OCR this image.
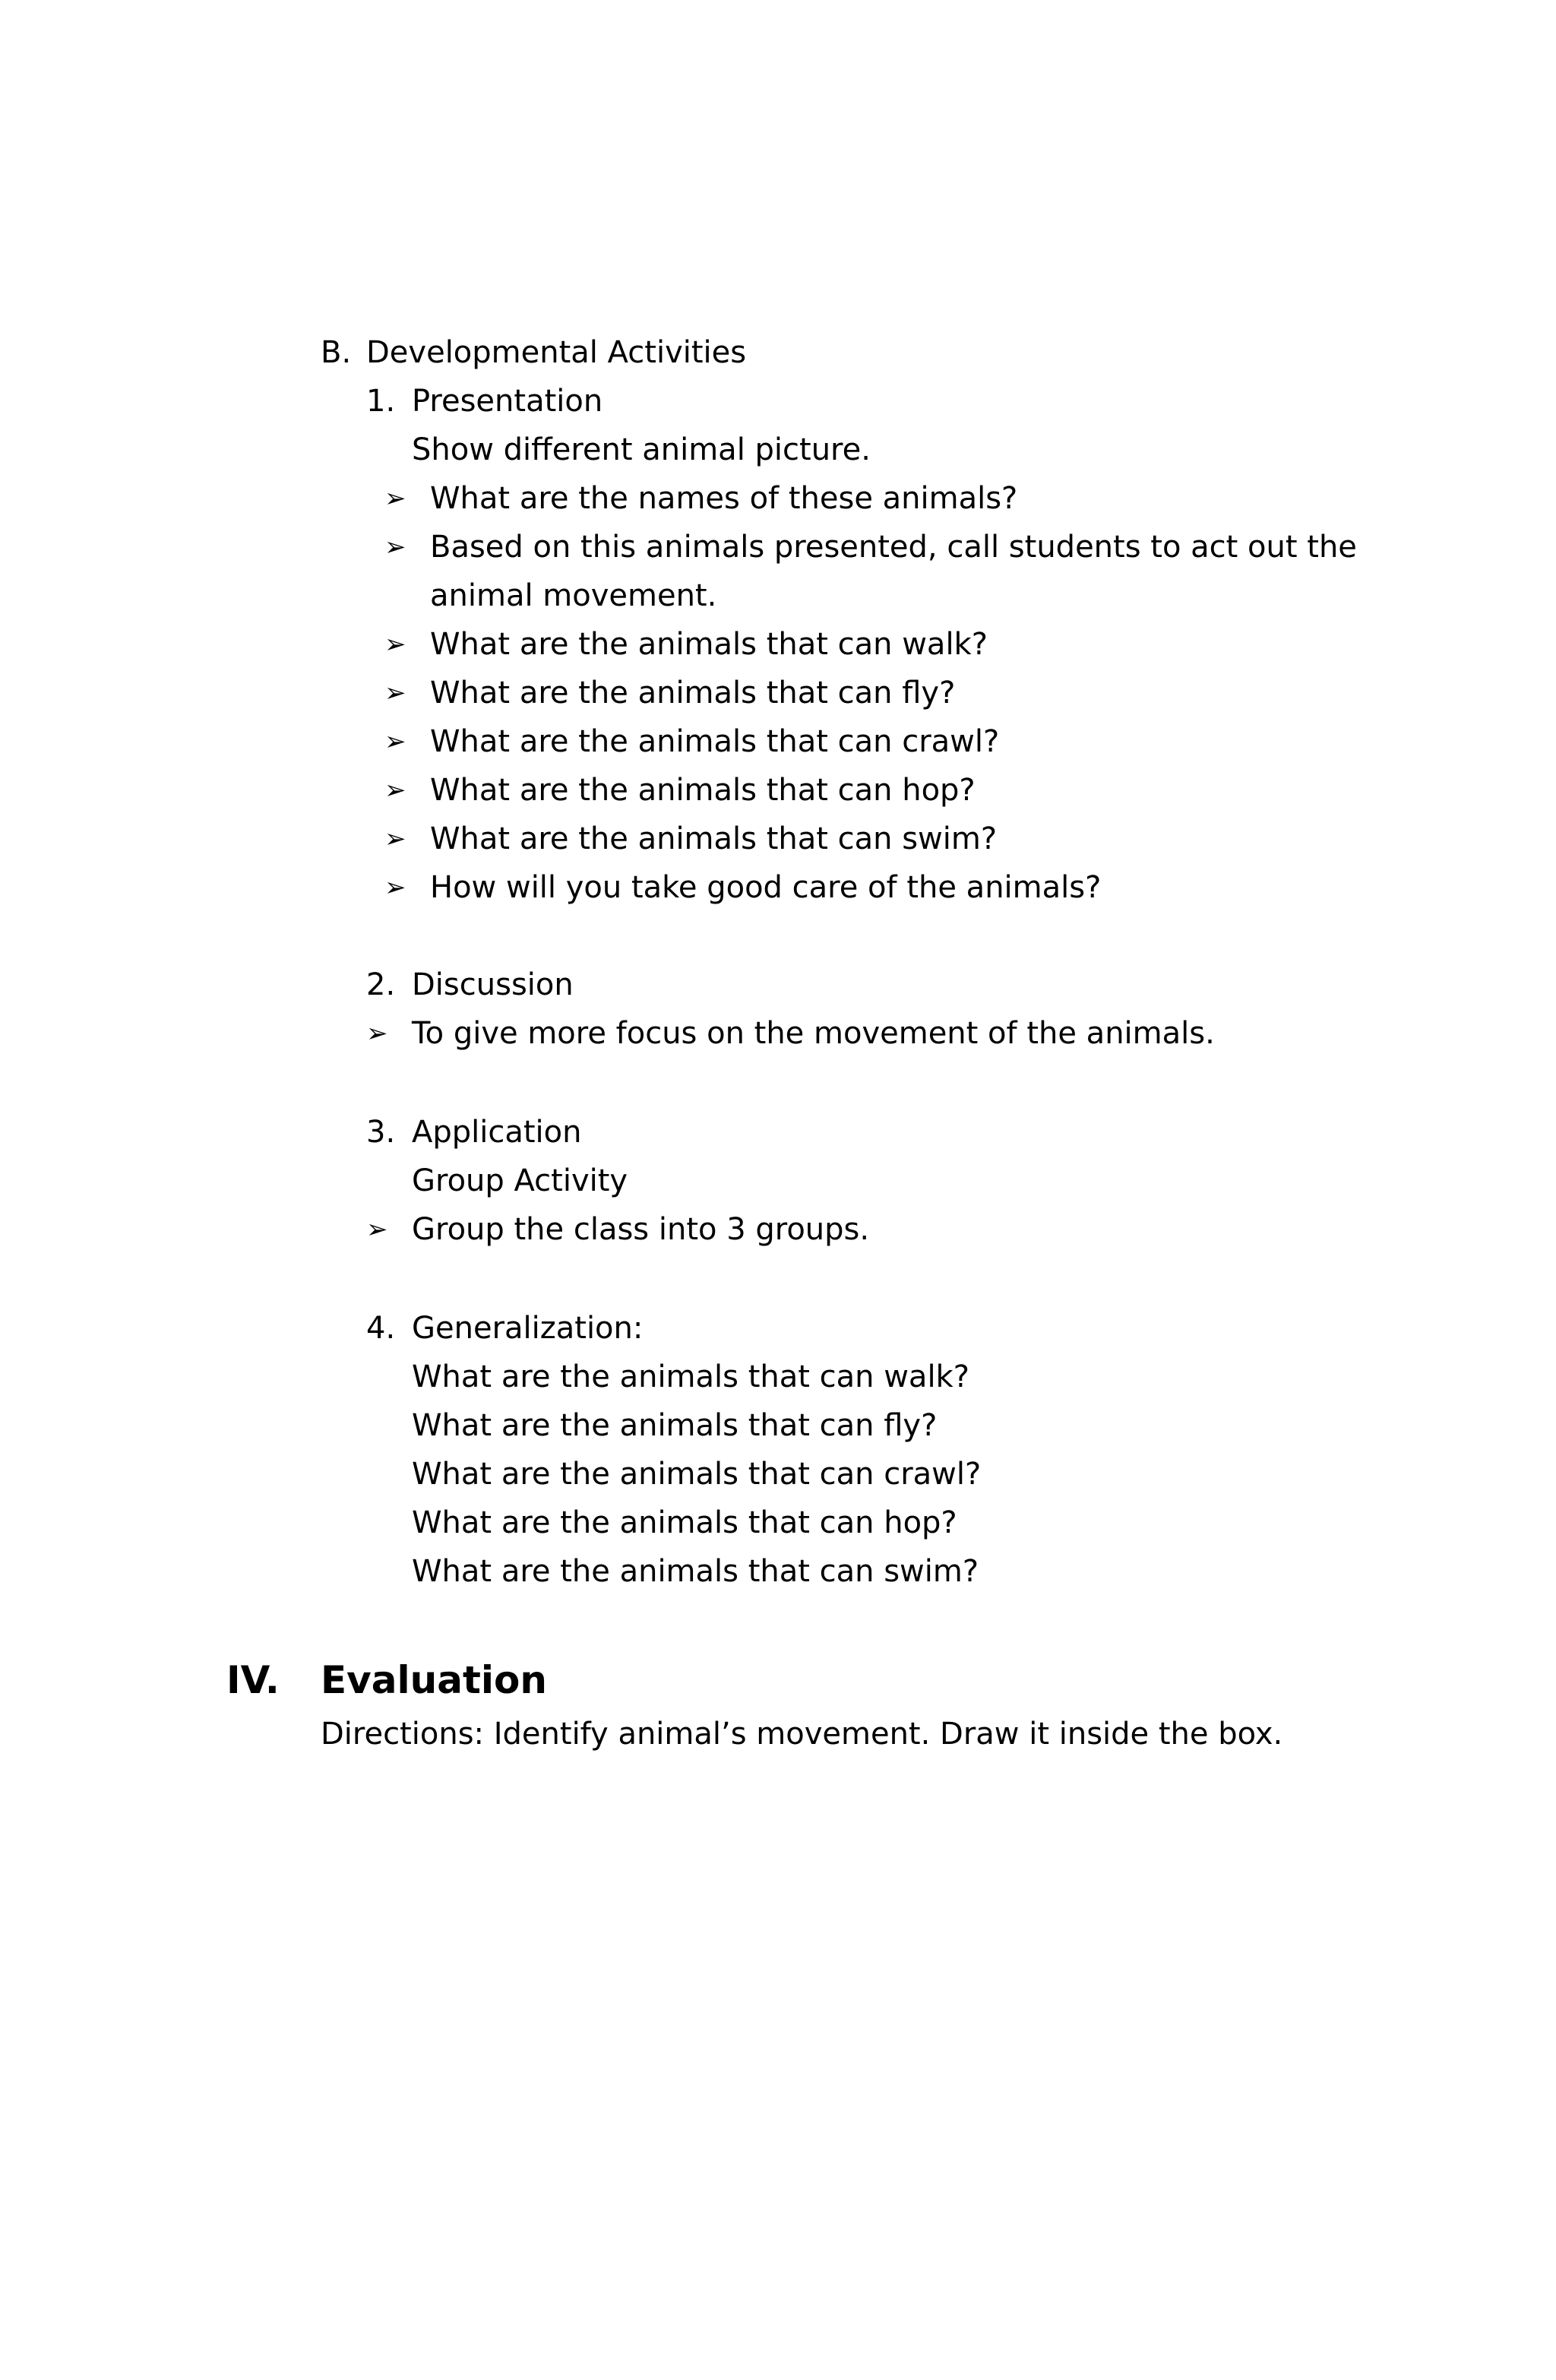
B. Developmental Activities
1. Presentation
Show different animal picture.
➢ What are the names of these animals?
➢ Based on this animals presented, call students to act out the
animal movement.
➢ What are the animals that can walk?
➢ What are the animals that can fly?
➢ What are the animals that can crawl?
➢ What are the animals that can hop?
➢ What are the animals that can swim?
➢ How will you take good care of the animals?
2. Discussion
➢ To give more focus on the movement of the animals.
3. Application
Group Activity
➢ Group the class into 3 groups.
4. Generalization:
What are the animals that can walk?
What are the animals that can fly?
What are the animals that can crawl?
What are the animals that can hop?
What are the animals that can swim?
IV. Evaluation
Directions: Identify animal’s movement. Draw it inside the box.
